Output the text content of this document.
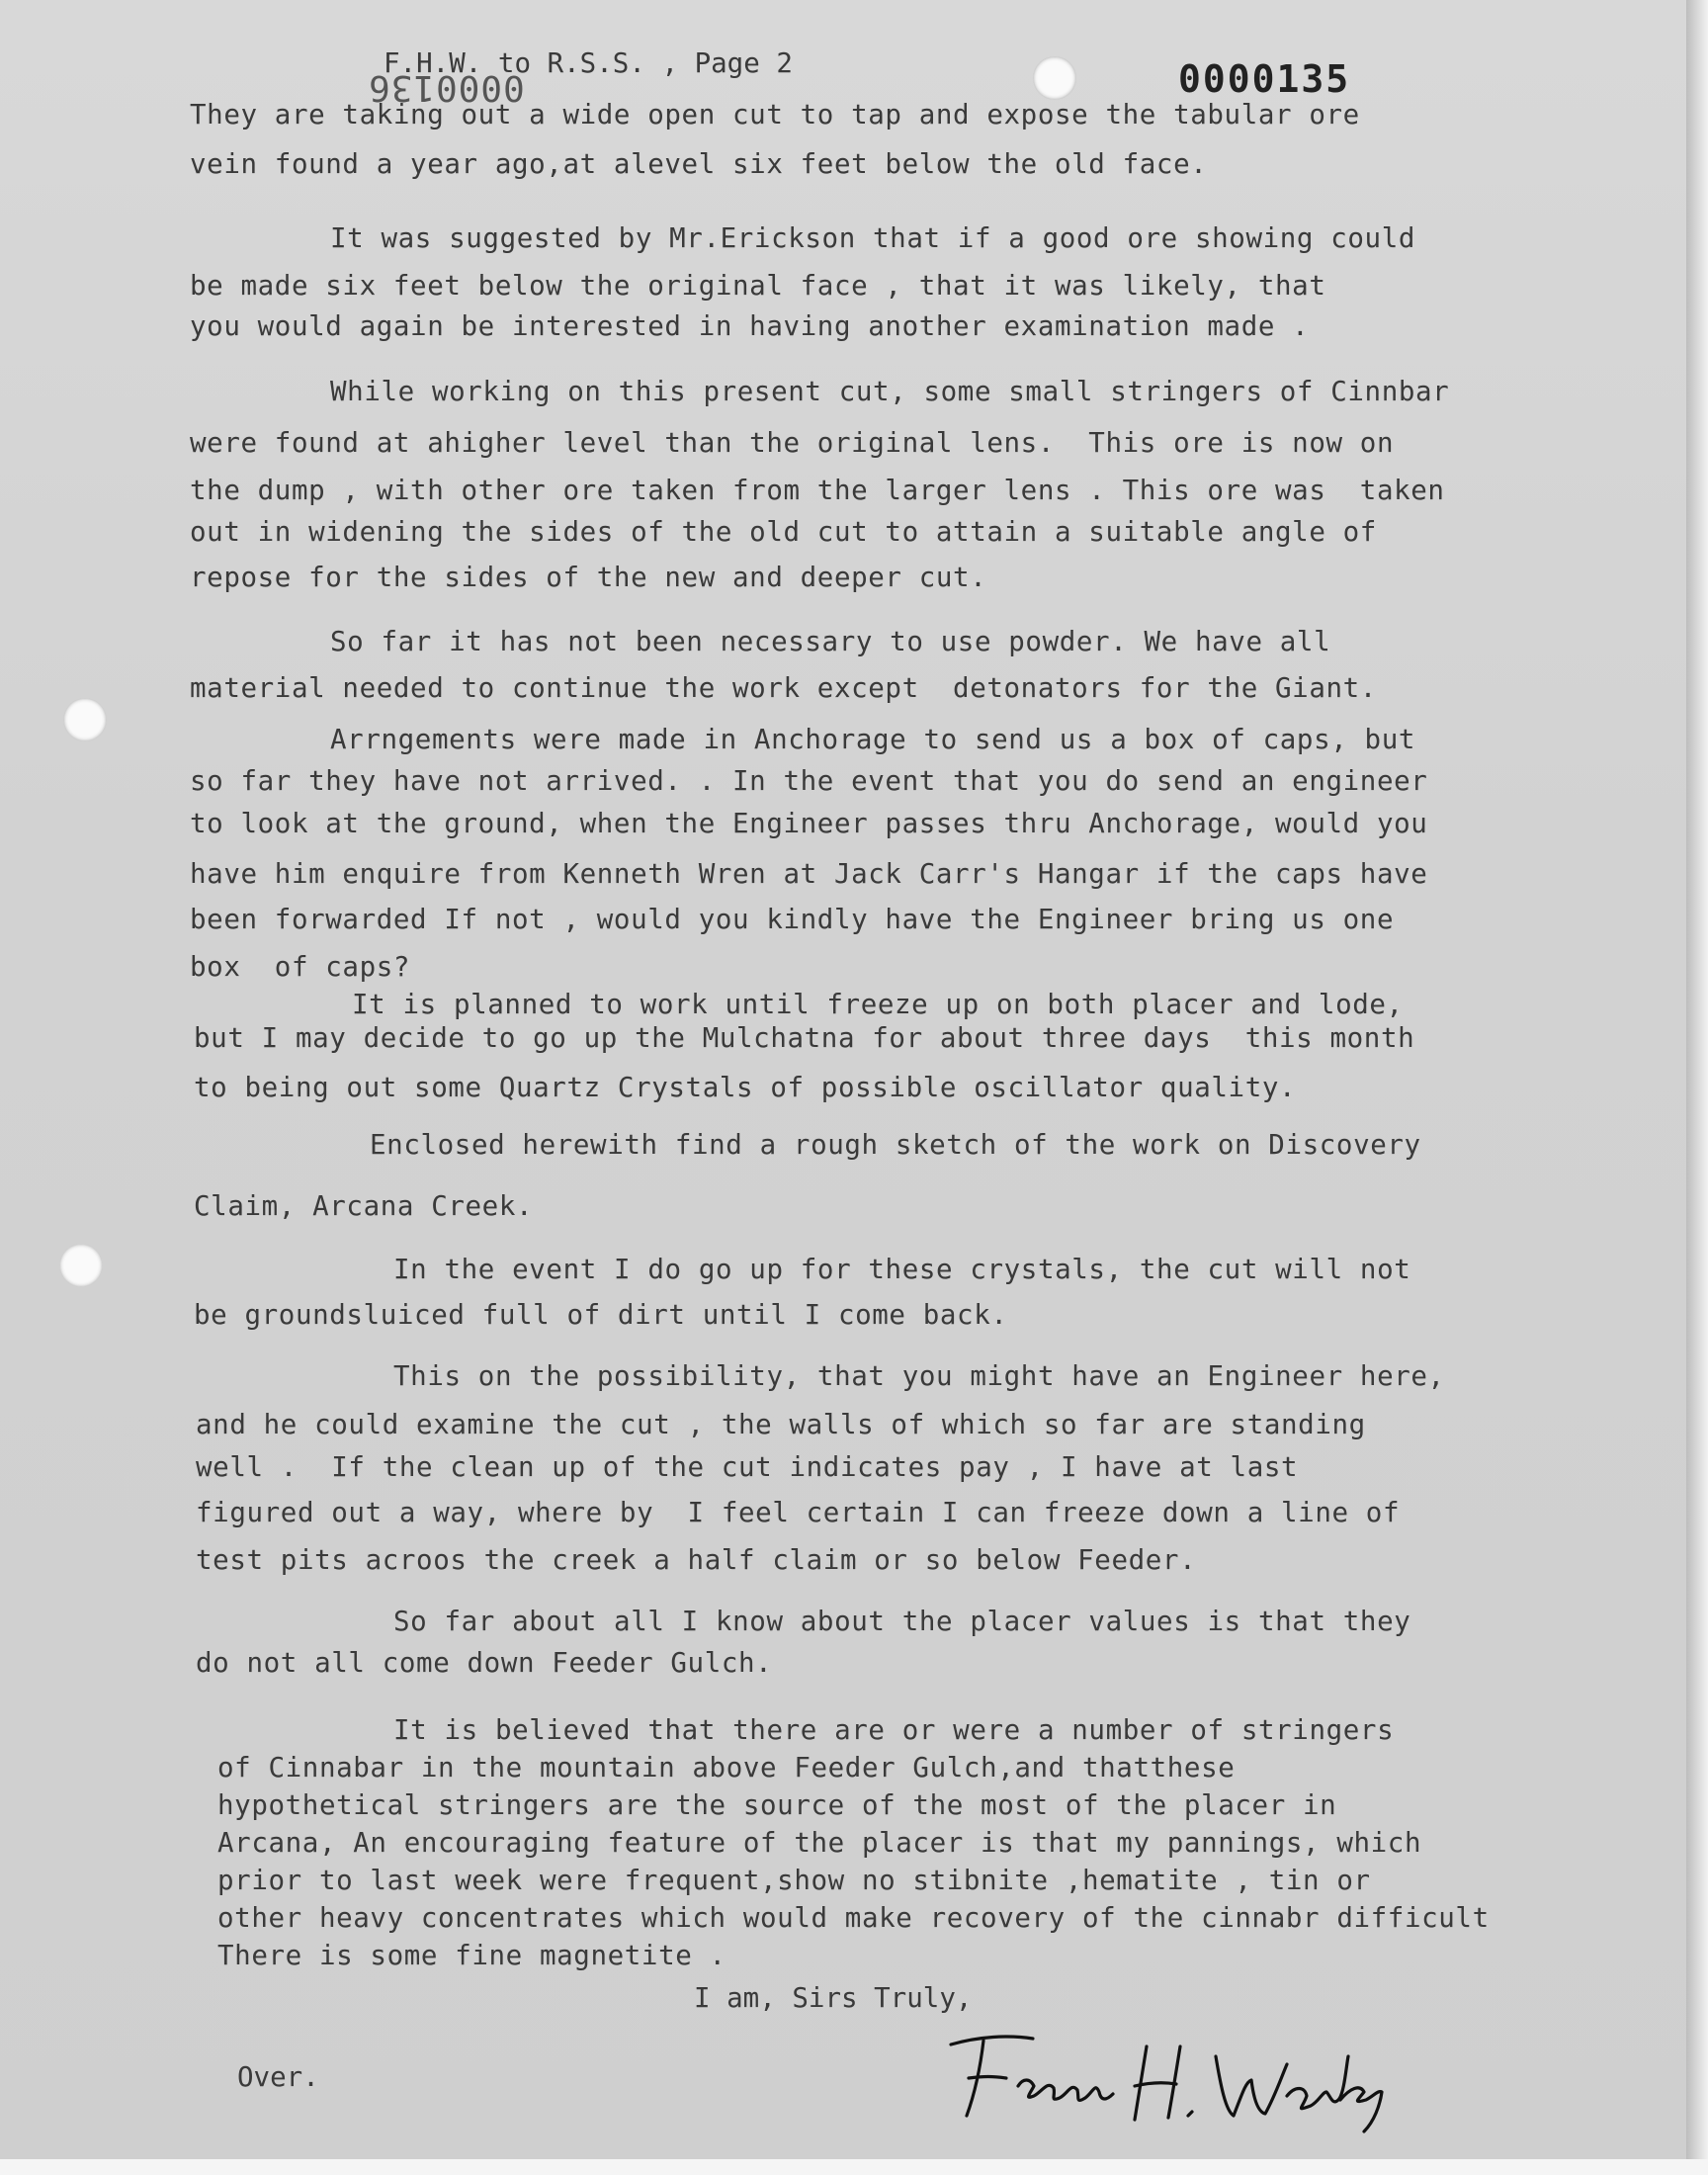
0000136
F.H.W. to R.S.S. , Page 2	0000135
They are taking out a wide open cut to tap and expose the tabular ore
vein found a year ago,at alevel six feet below the old face.
It was suggested by Mr.Erickson that if a good ore showing could
be made six feet below the original face , that it was likely, that
you would again be interested in having another examination made .
While working on this present cut, some small stringers of Cinnbar
were found at ahigher level than the original lens.  This ore is now on
the dump , with other ore taken from the larger lens . This ore was  taken
out in widening the sides of the old cut to attain a suitable angle of
repose for the sides of the new and deeper cut.
So far it has not been necessary to use powder. We have all
material needed to continue the work except  detonators for the Giant.
Arrngements were made in Anchorage to send us a box of caps, but
so far they have not arrived. . In the event that you do send an engineer
to look at the ground, when the Engineer passes thru Anchorage, would you
have him enquire from Kenneth Wren at Jack Carr's Hangar if the caps have
been forwarded If not , would you kindly have the Engineer bring us one
box  of caps?
It is planned to work until freeze up on both placer and lode,
but I may decide to go up the Mulchatna for about three days  this month
to being out some Quartz Crystals of possible oscillator quality.
Enclosed herewith find a rough sketch of the work on Discovery
Claim, Arcana Creek.
In the event I do go up for these crystals, the cut will not
be groundsluiced full of dirt until I come back.
This on the possibility, that you might have an Engineer here,
and he could examine the cut , the walls of which so far are standing
well .  If the clean up of the cut indicates pay , I have at last
figured out a way, where by  I feel certain I can freeze down a line of
test pits acroos the creek a half claim or so below Feeder.
So far about all I know about the placer values is that they
do not all come down Feeder Gulch.
It is believed that there are or were a number of stringers
of Cinnabar in the mountain above Feeder Gulch,and thatthese
hypothetical stringers are the source of the most of the placer in
Arcana, An encouraging feature of the placer is that my pannings, which
prior to last week were frequent,show no stibnite ,hematite , tin or
other heavy concentrates which would make recovery of the cinnabr difficult
There is some fine magnetite .
I am, Sirs Truly,
Over.
